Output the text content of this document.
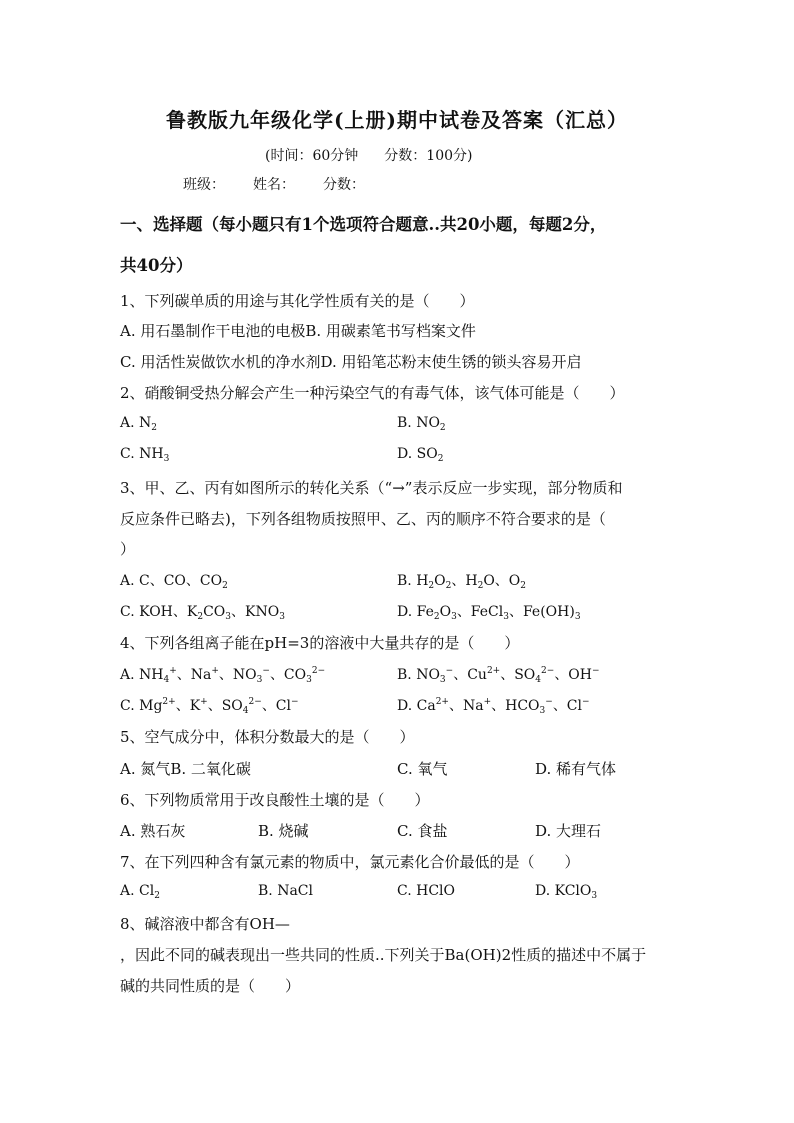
鲁教版九年级化学(上册)期中试卷及答案（汇总）
(时间：60分钟 分数：100分)
班级： 姓名： 分数：
一、选择题（每小题只有1个选项符合题意..共20小题，每题2分，
共40分）
1、下列碳单质的用途与其化学性质有关的是（　　）
A. 用石墨制作干电池的电极B. 用碳素笔书写档案文件
C. 用活性炭做饮水机的净水剂D. 用铅笔芯粉末使生锈的锁头容易开启
2、硝酸铜受热分解会产生一种污染空气的有毒气体，该气体可能是（　　）
A. $N_2$	B. $NO_2$
C. $NH_3$	D. $SO_2$
3、甲、乙、丙有如图所示的转化关系（“→”表示反应一步实现，部分物质和
反应条件已略去)，下列各组物质按照甲、乙、丙的顺序不符合要求的是（
）
A. C、CO、$CO_2$	B. $H_2O_2$、$H_2O$、$O_2$
C. KOH、$K_2CO_3$、$KNO_3$	D. $Fe_2O_3$、FeCl$_3$、$Fe(OH)_3$
4、下列各组离子能在pH=3的溶液中大量共存的是（　　）
A. $NH_4^+$、Na+、$NO_3^-$、$CO_3^{2-}$	B. $NO_3^-$、$Cu^{2+}$、$SO_4^{2-}$、OH−
C. $Mg^{2+}$、K+、$SO_4^{2-}$、Cl−	D. $Ca^{2+}$、Na+、$HCO_3^-$、Cl−
5、空气成分中，体积分数最大的是（　　）
A. 氮气B. 二氧化碳	C. 氧气	D. 稀有气体
6、下列物质常用于改良酸性土壤的是（　　）
A. 熟石灰	B. 烧碱	C. 食盐	D. 大理石
7、在下列四种含有氯元素的物质中，氯元素化合价最低的是（　　）
A. $Cl_2$	B. NaCl	C. HClO	D. KClO$_3$
8、碱溶液中都含有OH—
，因此不同的碱表现出一些共同的性质..下列关于Ba(OH)2性质的描述中不属于
碱的共同性质的是（　　）
